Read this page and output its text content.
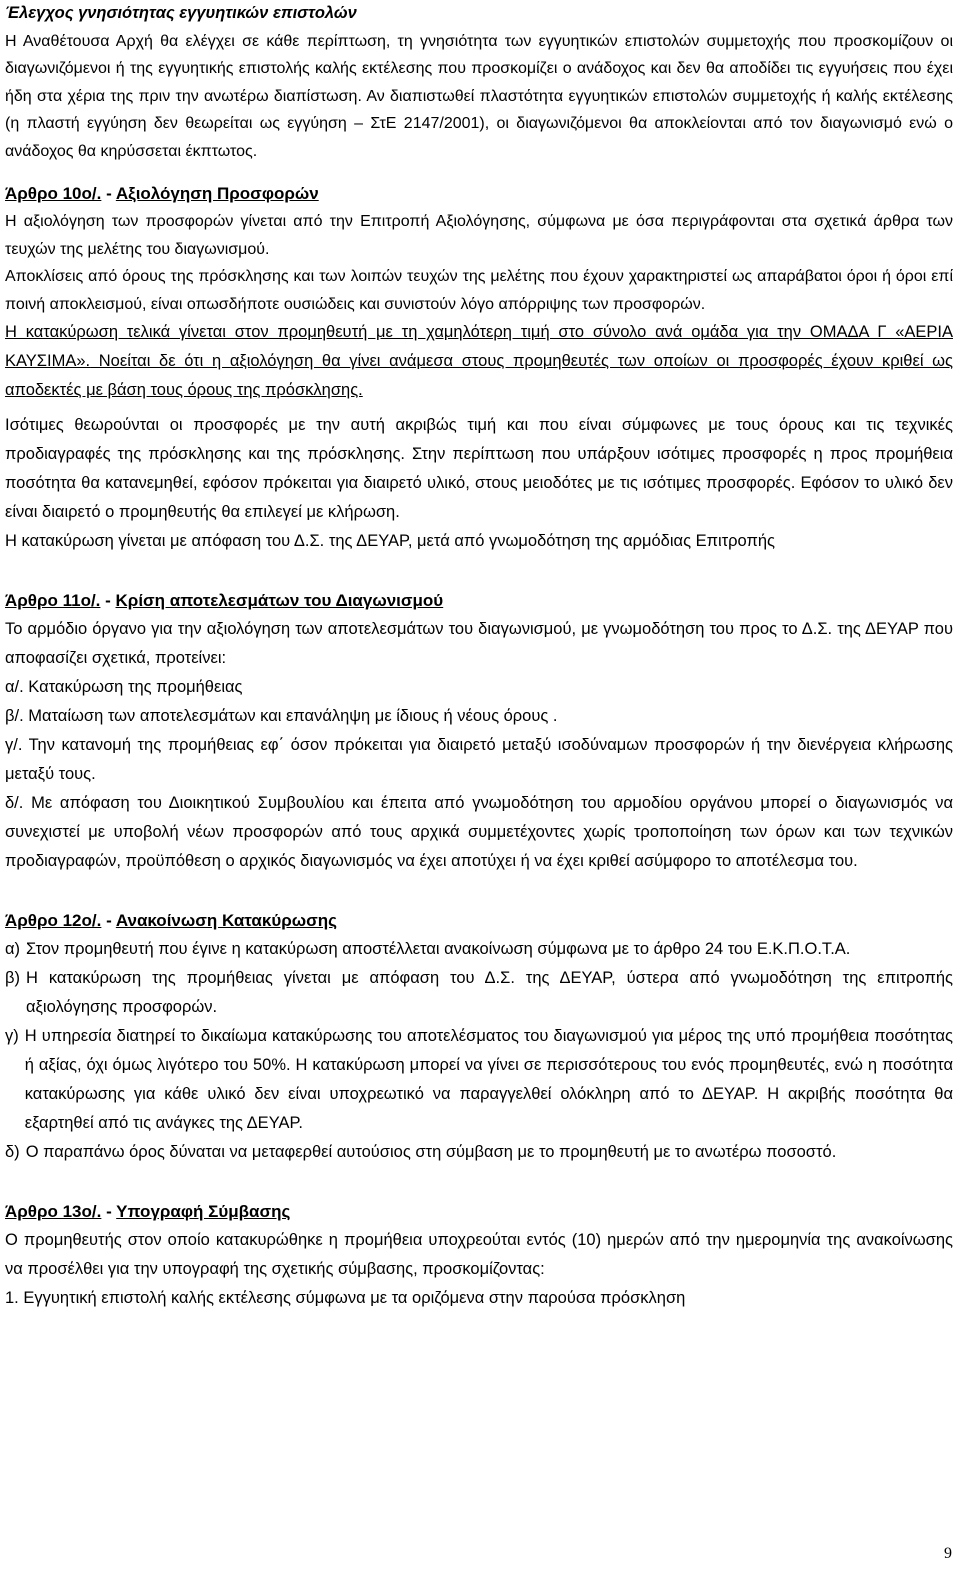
Έλεγχος γνησιότητας εγγυητικών επιστολών

Η Αναθέτουσα Αρχή θα ελέγχει σε κάθε περίπτωση, τη γνησιότητα των εγγυητικών επιστολών συμμετοχής που προσκομίζουν οι διαγωνιζόμενοι ή της εγγυητικής επιστολής καλής εκτέλεσης που προσκομίζει ο ανάδοχος και δεν θα αποδίδει τις εγγυήσεις που έχει ήδη στα χέρια της πριν την ανωτέρω διαπίστωση. Αν διαπιστωθεί πλαστότητα εγγυητικών επιστολών συμμετοχής ή καλής εκτέλεσης (η πλαστή εγγύηση δεν θεωρείται ως εγγύηση – ΣτΕ 2147/2001), οι διαγωνιζόμενοι θα αποκλείονται από τον διαγωνισμό ενώ ο ανάδοχος θα κηρύσσεται έκπτωτος.

Άρθρο 10ο/. - Αξιολόγηση Προσφορών

Η αξιολόγηση των προσφορών γίνεται από την Επιτροπή Αξιολόγησης, σύμφωνα με όσα περιγράφονται στα σχετικά άρθρα των τευχών της μελέτης του διαγωνισμού.

Αποκλίσεις από όρους της πρόσκλησης και των λοιπών τευχών της μελέτης που έχουν χαρακτηριστεί ως απαράβατοι όροι ή όροι επί ποινή αποκλεισμού, είναι οπωσδήποτε ουσιώδεις και συνιστούν λόγο απόρριψης των προσφορών.

Η κατακύρωση τελικά γίνεται στον προμηθευτή με τη χαμηλότερη τιμή στο σύνολο ανά ομάδα για την ΟΜΑΔΑ Γ «ΑΕΡΙΑ ΚΑΥΣΙΜΑ». Νοείται δε ότι η αξιολόγηση θα γίνει ανάμεσα στους προμηθευτές των οποίων οι προσφορές έχουν κριθεί ως αποδεκτές με βάση τους όρους της πρόσκλησης.

Ισότιμες θεωρούνται οι προσφορές με την αυτή ακριβώς τιμή και που είναι σύμφωνες με τους όρους και τις τεχνικές προδιαγραφές της πρόσκλησης και της πρόσκλησης. Στην περίπτωση που υπάρξουν ισότιμες προσφορές η προς προμήθεια ποσότητα θα κατανεμηθεί, εφόσον πρόκειται για διαιρετό υλικό, στους μειοδότες με τις ισότιμες προσφορές. Εφόσον το υλικό δεν είναι διαιρετό ο προμηθευτής θα επιλεγεί με κλήρωση.

Η κατακύρωση γίνεται με απόφαση του Δ.Σ. της ΔΕΥΑΡ, μετά από γνωμοδότηση της αρμόδιας Επιτροπής

Άρθρο 11ο/. - Κρίση αποτελεσμάτων του Διαγωνισμού

Το αρμόδιο όργανο για την αξιολόγηση των αποτελεσμάτων του διαγωνισμού, με γνωμοδότηση του προς το Δ.Σ. της ΔΕΥΑΡ που αποφασίζει σχετικά, προτείνει:

α/. Κατακύρωση της προμήθειας

β/. Ματαίωση των αποτελεσμάτων και επανάληψη με ίδιους ή νέους όρους .

γ/. Την κατανομή της προμήθειας εφ΄ όσον πρόκειται για διαιρετό μεταξύ ισοδύναμων προσφορών ή την διενέργεια κλήρωσης μεταξύ τους.

δ/. Με απόφαση του Διοικητικού Συμβουλίου και έπειτα από γνωμοδότηση του αρμοδίου οργάνου μπορεί ο διαγωνισμός να συνεχιστεί με υποβολή νέων προσφορών από τους αρχικά συμμετέχοντες χωρίς τροποποίηση των όρων και των τεχνικών προδιαγραφών, προϋπόθεση ο αρχικός διαγωνισμός να έχει αποτύχει ή να έχει κριθεί ασύμφορο το αποτέλεσμα του.

Άρθρο 12ο/. - Ανακοίνωση Κατακύρωσης

α) Στον προμηθευτή που έγινε η κατακύρωση αποστέλλεται ανακοίνωση σύμφωνα με το άρθρο 24 του Ε.Κ.Π.Ο.Τ.Α.
β) Η κατακύρωση της προμήθειας γίνεται με απόφαση του Δ.Σ. της ΔΕΥΑΡ, ύστερα από γνωμοδότηση της επιτροπής αξιολόγησης προσφορών.
γ) Η υπηρεσία διατηρεί το δικαίωμα κατακύρωσης του αποτελέσματος του διαγωνισμού για μέρος της υπό προμήθεια ποσότητας ή αξίας, όχι όμως λιγότερο του 50%. Η κατακύρωση μπορεί να γίνει σε περισσότερους του ενός προμηθευτές, ενώ η ποσότητα κατακύρωσης για κάθε υλικό δεν είναι υποχρεωτικό να παραγγελθεί ολόκληρη από το ΔΕΥΑΡ. Η ακριβής ποσότητα θα εξαρτηθεί από τις ανάγκες της ΔΕΥΑΡ.
δ) Ο παραπάνω όρος δύναται να μεταφερθεί αυτούσιος στη σύμβαση με το προμηθευτή με το ανωτέρω ποσοστό.

Άρθρο 13ο/. - Υπογραφή Σύμβασης

Ο προμηθευτής στον οποίο κατακυρώθηκε η προμήθεια υποχρεούται εντός (10) ημερών από την ημερομηνία της ανακοίνωσης να προσέλθει για την υπογραφή της σχετικής σύμβασης, προσκομίζοντας:

1. Εγγυητική επιστολή καλής εκτέλεσης σύμφωνα με τα οριζόμενα στην παρούσα πρόσκληση

9
